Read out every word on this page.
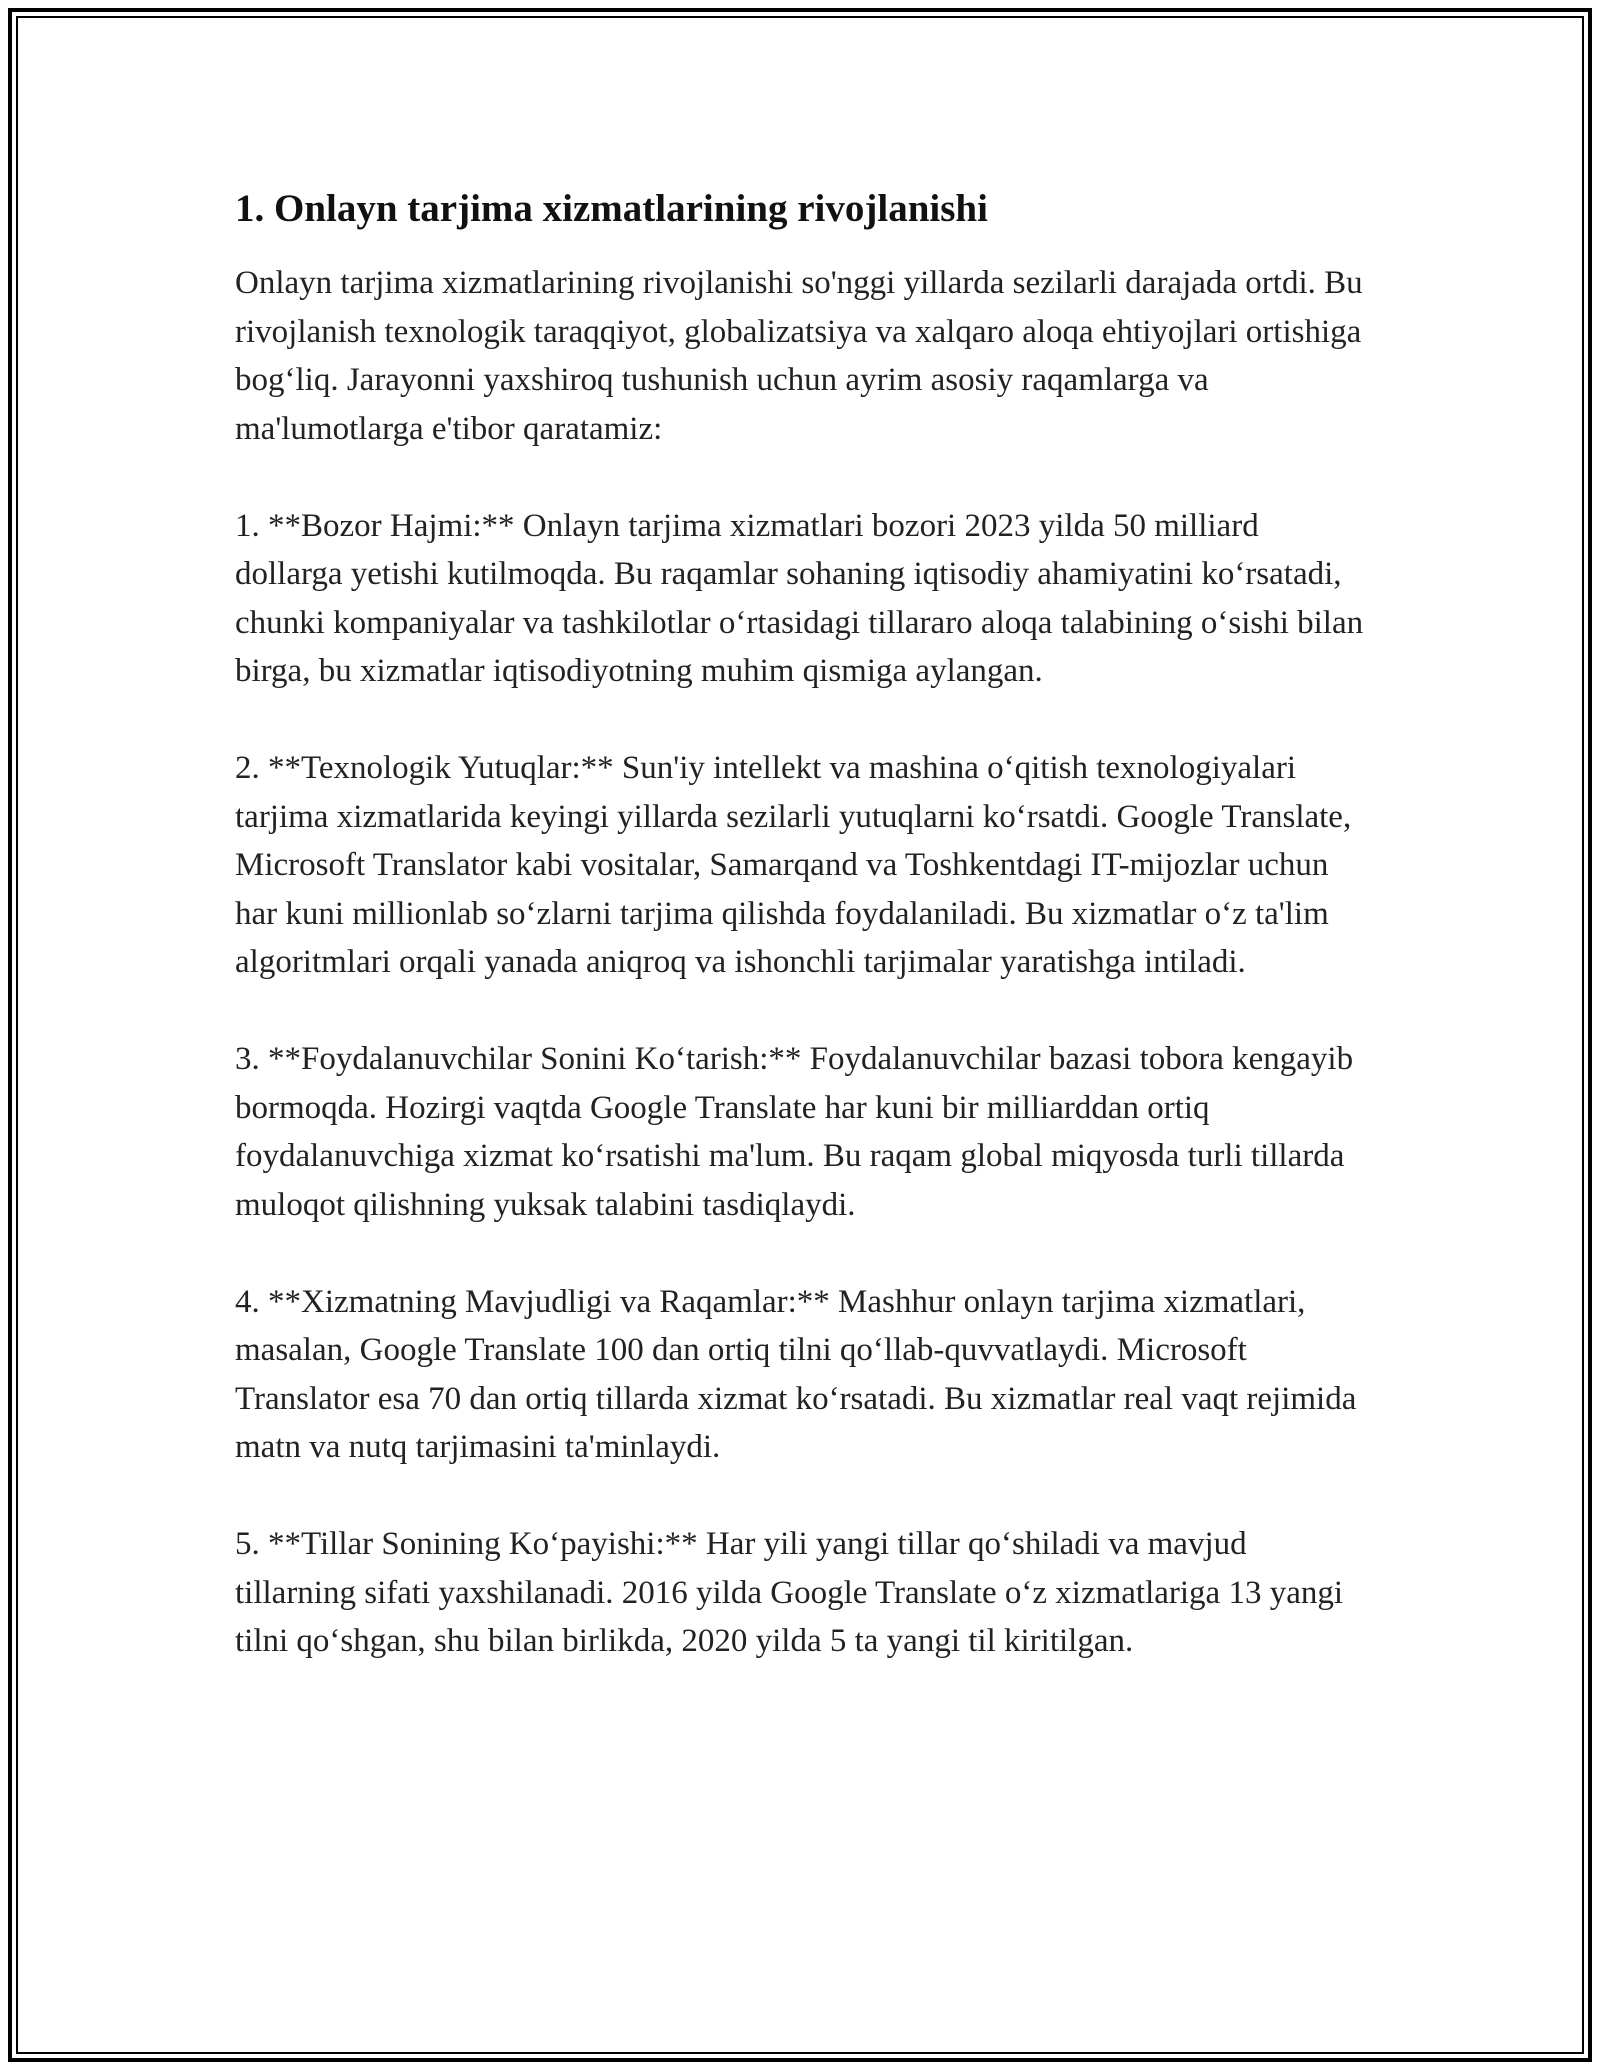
1. Onlayn tarjima xizmatlarining rivojlanishi

Onlayn tarjima xizmatlarining rivojlanishi so'nggi yillarda sezilarli darajada ortdi. Bu rivojlanish texnologik taraqqiyot, globalizatsiya va xalqaro aloqa ehtiyojlari ortishiga bogʻliq. Jarayonni yaxshiroq tushunish uchun ayrim asosiy raqamlarga va ma'lumotlarga e'tibor qaratamiz:

1. **Bozor Hajmi:** Onlayn tarjima xizmatlari bozori 2023 yilda 50 milliard dollarga yetishi kutilmoqda. Bu raqamlar sohaning iqtisodiy ahamiyatini koʻrsatadi, chunki kompaniyalar va tashkilotlar oʻrtasidagi tillararo aloqa talabining oʻsishi bilan birga, bu xizmatlar iqtisodiyotning muhim qismiga aylangan.

2. **Texnologik Yutuqlar:** Sun'iy intellekt va mashina oʻqitish texnologiyalari tarjima xizmatlarida keyingi yillarda sezilarli yutuqlarni koʻrsatdi. Google Translate, Microsoft Translator kabi vositalar, Samarqand va Toshkentdagi IT-mijozlar uchun har kuni millionlab soʻzlarni tarjima qilishda foydalaniladi. Bu xizmatlar oʻz ta'lim algoritmlari orqali yanada aniqroq va ishonchli tarjimalar yaratishga intiladi.

3. **Foydalanuvchilar Sonini Koʻtarish:** Foydalanuvchilar bazasi tobora kengayib bormoqda. Hozirgi vaqtda Google Translate har kuni bir milliarddan ortiq foydalanuvchiga xizmat koʻrsatishi ma'lum. Bu raqam global miqyosda turli tillarda muloqot qilishning yuksak talabini tasdiqlaydi.

4. **Xizmatning Mavjudligi va Raqamlar:** Mashhur onlayn tarjima xizmatlari, masalan, Google Translate 100 dan ortiq tilni qoʻllab-quvvatlaydi. Microsoft Translator esa 70 dan ortiq tillarda xizmat koʻrsatadi. Bu xizmatlar real vaqt rejimida matn va nutq tarjimasini ta'minlaydi.

5. **Tillar Sonining Koʻpayishi:** Har yili yangi tillar qoʻshiladi va mavjud tillarning sifati yaxshilanadi. 2016 yilda Google Translate oʻz xizmatlariga 13 yangi tilni qoʻshgan, shu bilan birlikda, 2020 yilda 5 ta yangi til kiritilgan.
